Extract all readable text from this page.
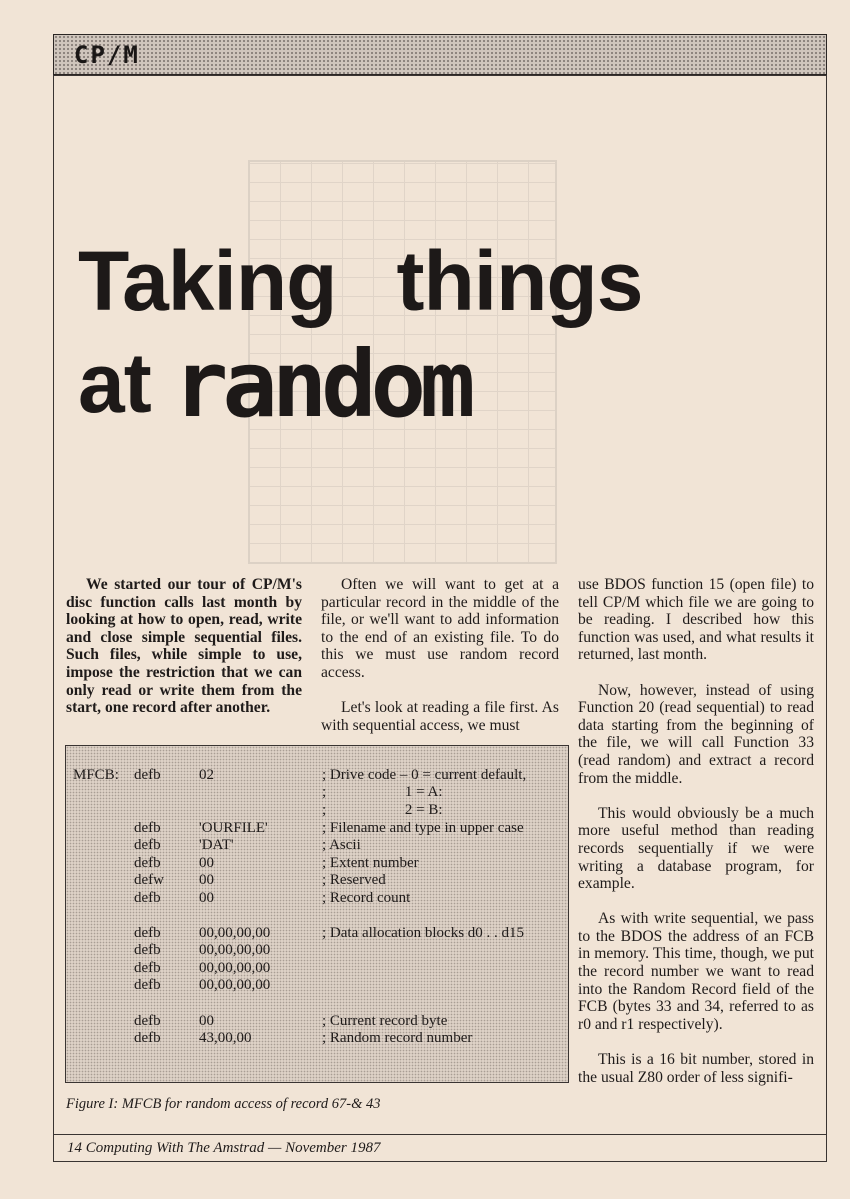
CP/M
Taking things
at random

We started our tour of CP/M's disc function calls last month by looking at how to open, read, write and close simple sequential files. Such files, while simple to use, impose the restriction that we can only read or write them from the start, one record after another.

Often we will want to get at a particular record in the middle of the file, or we'll want to add information to the end of an existing file. To do this we must use random record access.

Let's look at reading a file first. As with sequential access, we must

use BDOS function 15 (open file) to tell CP/M which file we are going to be reading. I described how this function was used, and what results it returned, last month.

Now, however, instead of using Function 20 (read sequential) to read data starting from the beginning of the file, we will call Function 33 (read random) and extract a record from the middle.

This would obviously be a much more useful method than reading records sequentially if we were writing a database program, for example.

As with write sequential, we pass to the BDOS the address of an FCB in memory. This time, though, we put the record number we want to read into the Random Record field of the FCB (bytes 33 and 34, referred to as r0 and r1 respectively).

This is a 16 bit number, stored in the usual Z80 order of less signifi-

MFCB: defb	02	; Drive code – 0 = current default,
;                     1 = A:
;                     2 = B:
defb	'OURFILE'	; Filename and type in upper case
defb	'DAT'	; Ascii
defb	00	; Extent number
defw 00	; Reserved
defb	00	; Record count
defb	00,00,00,00	; Data allocation blocks d0 . . d15
defb	00,00,00,00
defb	00,00,00,00
defb	00,00,00,00
defb	00	; Current record byte
defb	43,00,00	; Random record number
Figure I: MFCB for random access of record 67-& 43
14 Computing With The Amstrad — November 1987
